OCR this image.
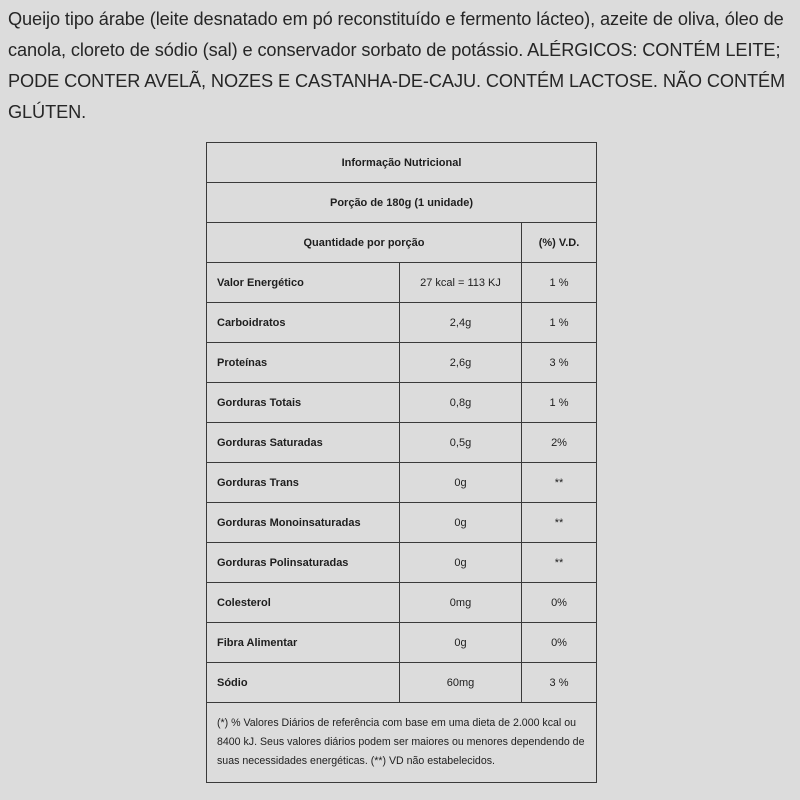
Queijo tipo árabe (leite desnatado em pó reconstituído e fermento lácteo), azeite de oliva, óleo de canola, cloreto de sódio (sal) e conservador sorbato de potássio. ALÉRGICOS: CONTÉM LEITE; PODE CONTER AVELÃ, NOZES E CASTANHA-DE-CAJU. CONTÉM LACTOSE. NÃO CONTÉM GLÚTEN.

Informação Nutricional		
Porção de 180g (1 unidade)		
Quantidade por porção		(%) V.D.
Valor Energético	27 kcal = 113 KJ	1 %
Carboidratos	2,4g	1 %
Proteínas	2,6g	3 %
Gorduras Totais	0,8g	1 %
Gorduras Saturadas	0,5g	2%
Gorduras Trans	0g	**
Gorduras Monoinsaturadas	0g	**
Gorduras Polinsaturadas	0g	**
Colesterol	0mg	0%
Fibra Alimentar	0g	0%
Sódio	60mg	3 %
(*) % Valores Diários de referência com base em uma dieta de 2.000 kcal ou 8400 kJ. Seus valores diários podem ser maiores ou menores dependendo de suas necessidades energéticas. (**) VD não estabelecidos.		
